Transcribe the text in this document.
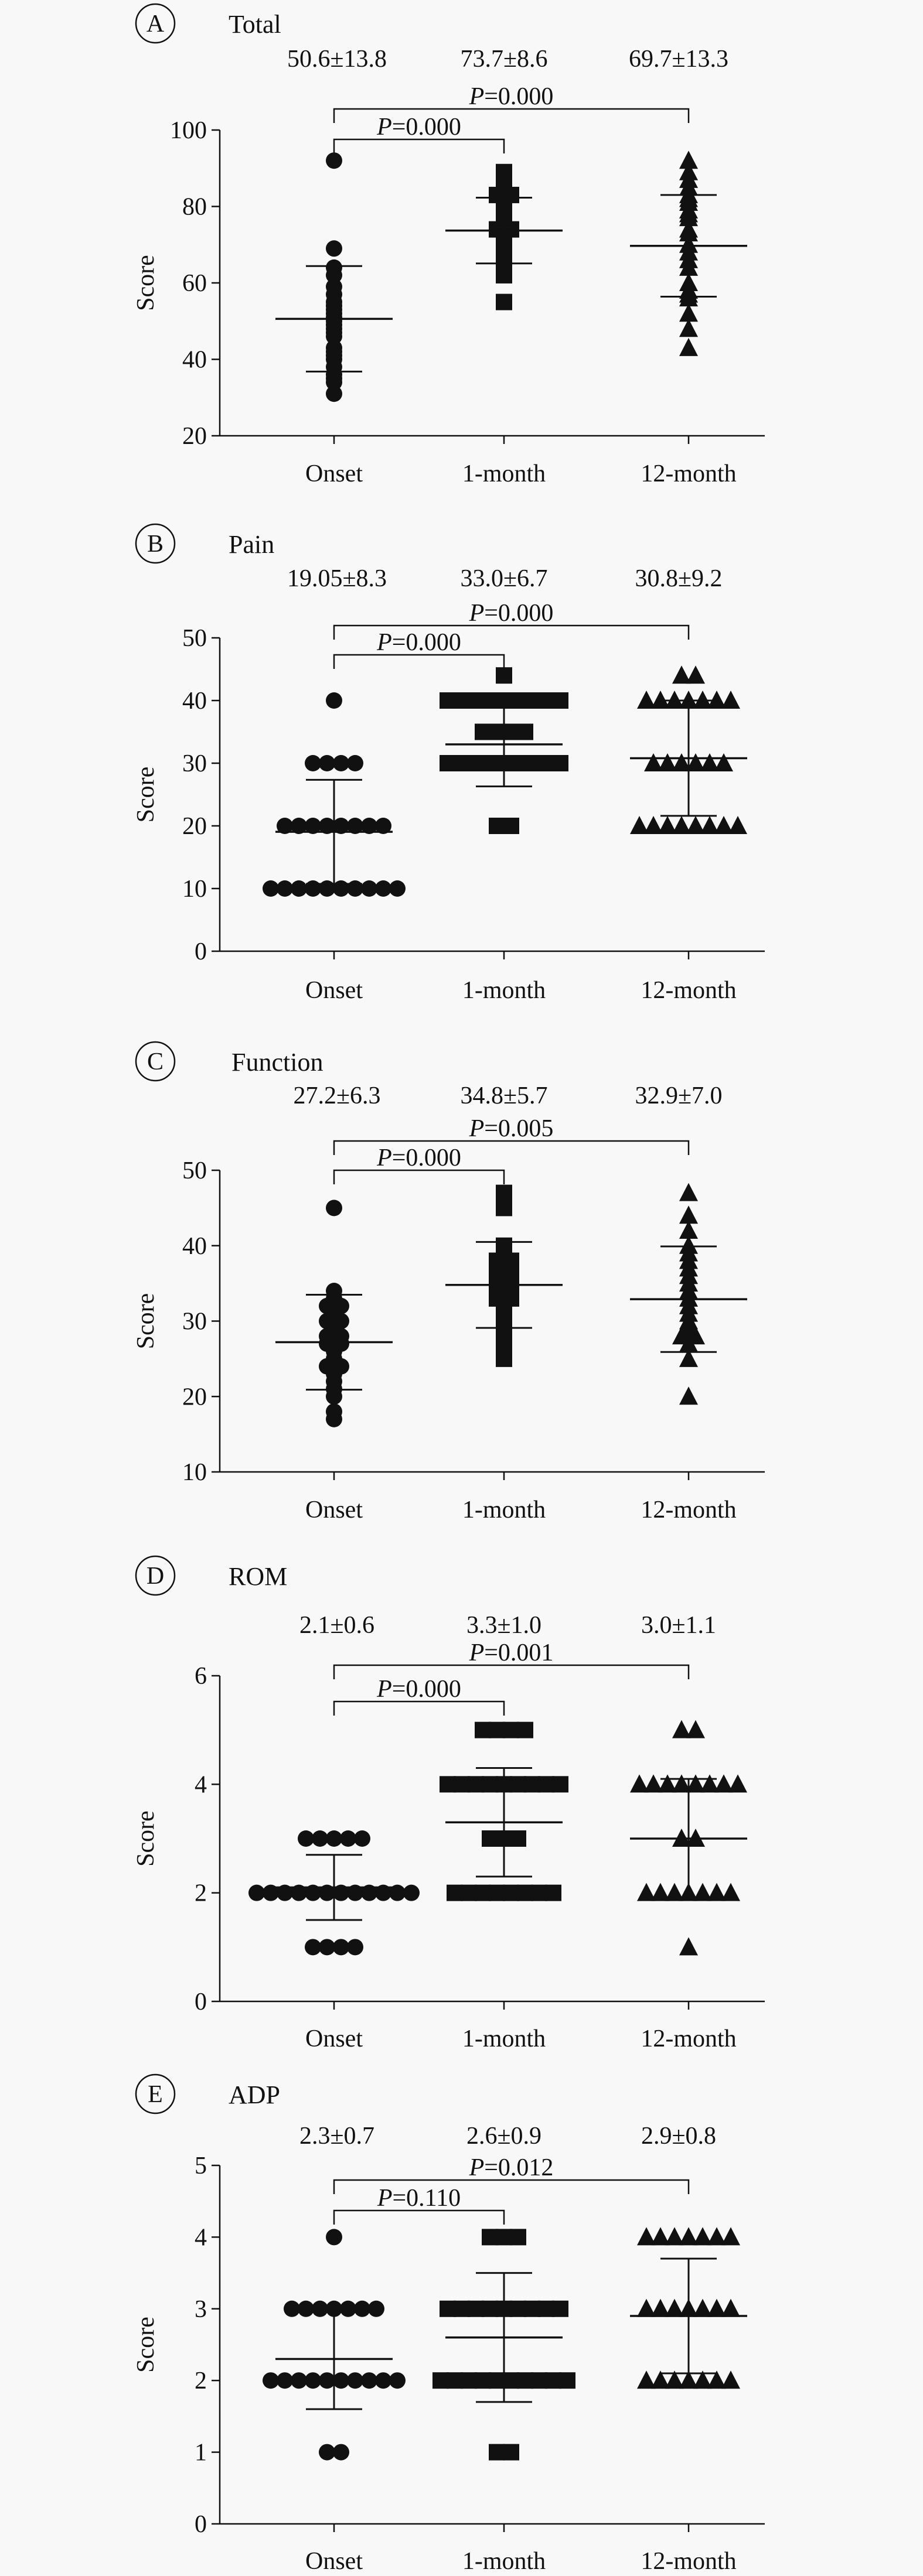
A Total
50.6±13.8	73.7±8.6	69.7±13.3
P=0.000
P=0.000
20
40
60
80
100
Score
Onset	1-month	12-month
B	Pain
19.05±8.3	33.0±6.7	30.8±9.2
P=0.000
P=0.000
0
10
20
30
40
50
Score
Onset	1-month	12-month
C	Function
27.2±6.3	34.8±5.7	32.9±7.0
P=0.000
P=0.005
10
20
30
40
50
Score
Onset	1-month	12-month
D ROM
2.1±0.6	3.3±1.0	3.0±1.1
P=0.000
P=0.001
0
2
4
6
Score
Onset	1-month	12-month
E	ADP
2.3±0.7	2.6±0.9	2.9±0.8
P=0.110
P=0.012
0
1
2
3
4
5
Score
Onset	1-month	12-month
